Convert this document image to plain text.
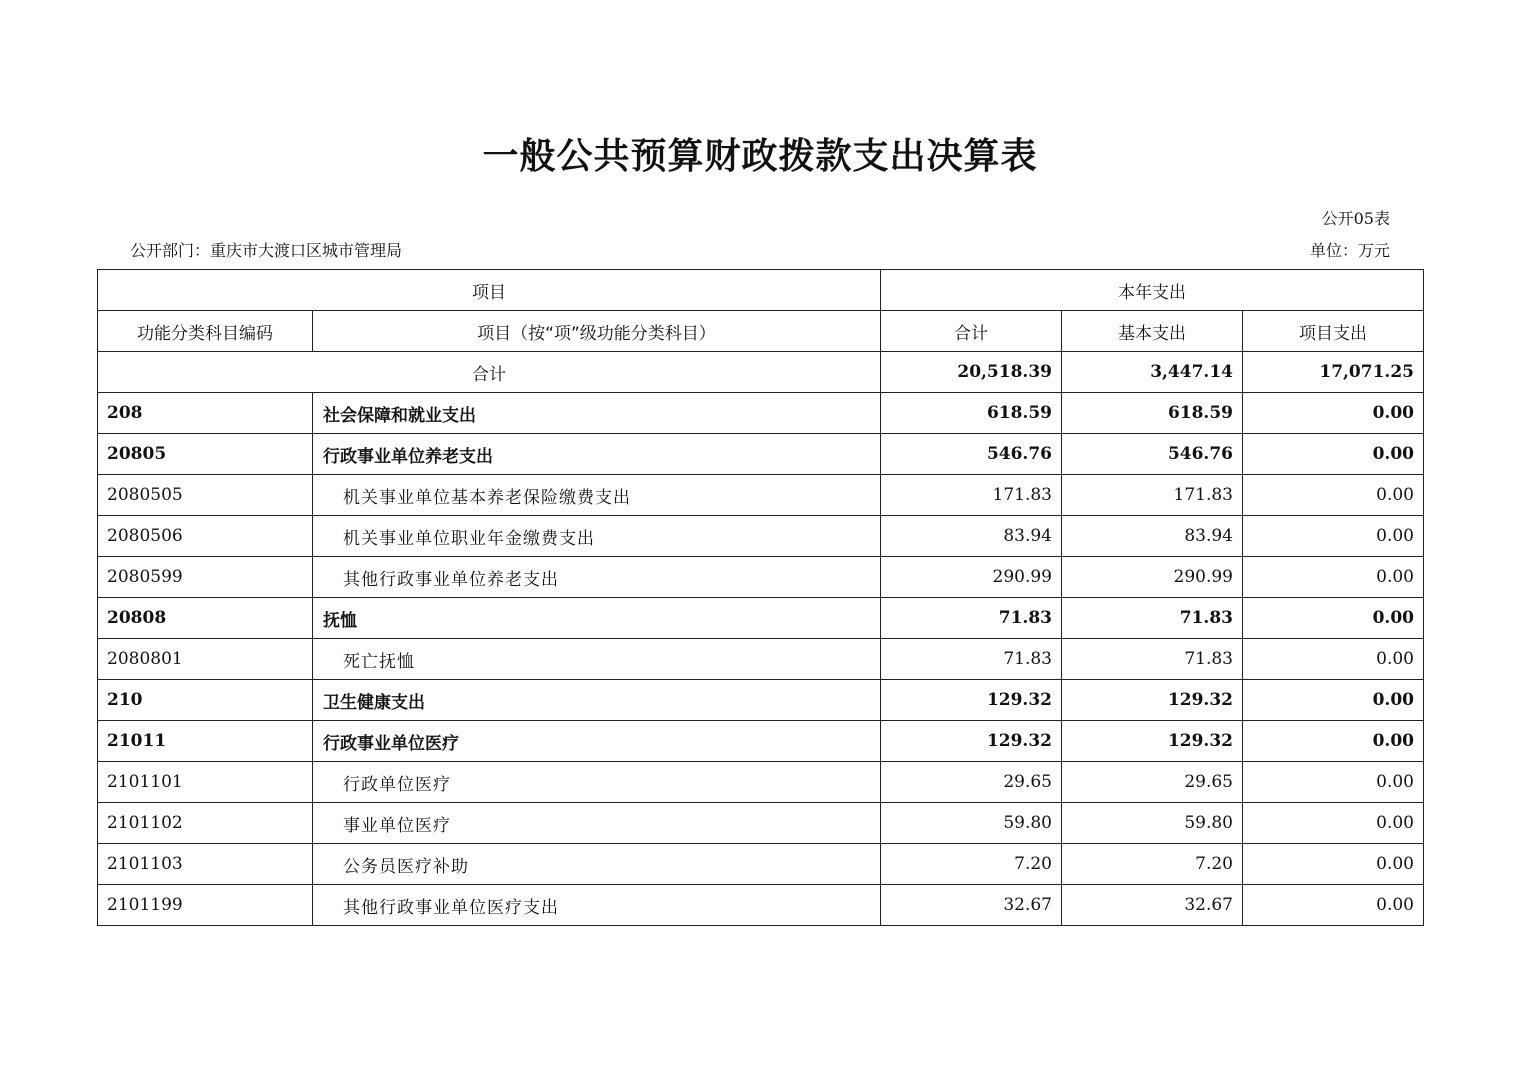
一般公共预算财政拨款支出决算表
公开05表
公开部门：重庆市大渡口区城市管理局	单位：万元
项目		本年支出		
功能分类科目编码	项目（按“项”级功能分类科目）	合计	基本支出	项目支出
合计		20,518.39	3,447.14	17,071.25
208	社会保障和就业支出	618.59	618.59	0.00
20805	行政事业单位养老支出	546.76	546.76	0.00
2080505	机关事业单位基本养老保险缴费支出	171.83	171.83	0.00
2080506	机关事业单位职业年金缴费支出	83.94	83.94	0.00
2080599	其他行政事业单位养老支出	290.99	290.99	0.00
20808	抚恤	71.83	71.83	0.00
2080801	死亡抚恤	71.83	71.83	0.00
210	卫生健康支出	129.32	129.32	0.00
21011	行政事业单位医疗	129.32	129.32	0.00
2101101	行政单位医疗	29.65	29.65	0.00
2101102	事业单位医疗	59.80	59.80	0.00
2101103	公务员医疗补助	7.20	7.20	0.00
2101199	其他行政事业单位医疗支出	32.67	32.67	0.00
